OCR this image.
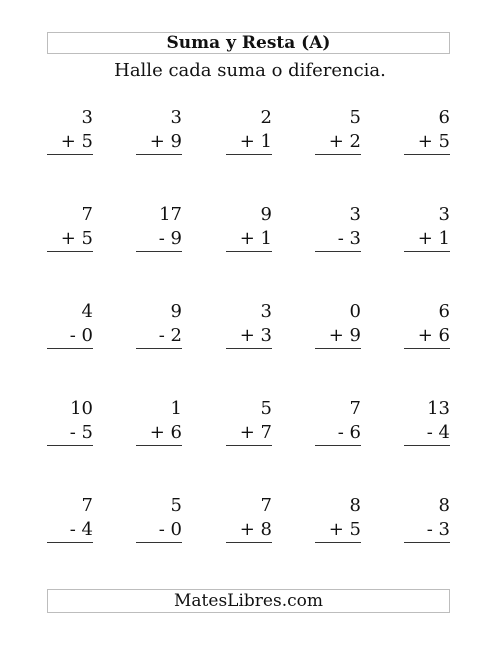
Suma y Resta (A)
Halle cada suma o diferencia.
3
+ 5
3
+ 9
2
+ 1
5
+ 2
6
+ 5
7
+ 5
17
- 9
9
+ 1
3
- 3
3
+ 1
4
- 0
9
- 2
3
+ 3
0
+ 9
6
+ 6
10
- 5
1
+ 6
5
+ 7
7
- 6
13
- 4
7
- 4
5
- 0
7
+ 8
8
+ 5
8
- 3
MatesLibres.com
